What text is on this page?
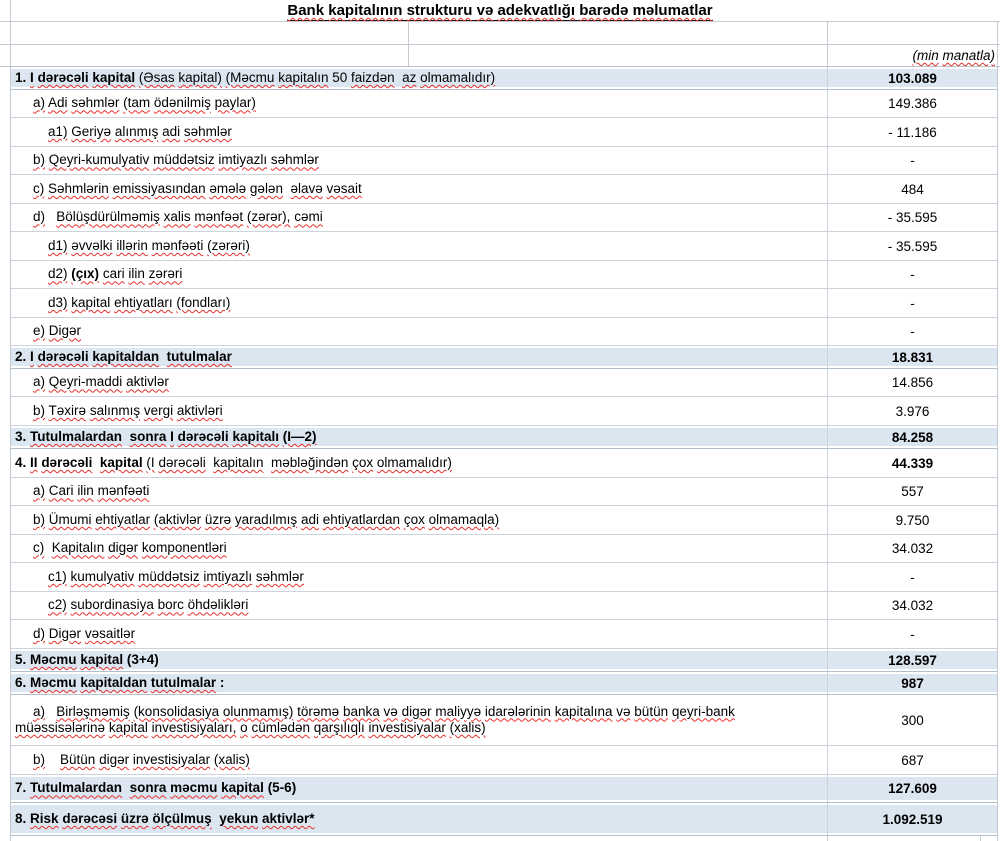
Bank kapitalının strukturu və adekvatlığı barədə məlumatlar
(min manatla)
1. I dərəcəli kapital (Əsas kapital) (Məcmu kapitalın 50 faizdən az olmamalıdır)	103.089
a) Adi səhmlər (tam ödənilmiş paylar)	149.386
a1) Geriyə alınmış adi səhmlər	- 11.186
b) Qeyri-kumulyativ müddətsiz imtiyazlı səhmlər	-
c) Səhmlərin emissiyasından əmələ gələn əlavə vəsait	484
d) Bölüşdürülməmiş xalis mənfəət (zərər), cəmi	- 35.595
d1) əvvəlki illərin mənfəəti (zərəri)	- 35.595
d2) (çıx) cari ilin zərəri	-
d3) kapital ehtiyatları (fondları)	-
e) Digər	-
2. I dərəcəli kapitaldan tutulmalar	18.831
a) Qeyri-maddi aktivlər	14.856
b) Təxirə salınmış vergi aktivləri	3.976
3. Tutulmalardan sonra I dərəcəli kapitalı (I—2)	84.258
4. II dərəcəli kapital (I dərəcəli kapitalın məbləğindən çox olmamalıdır)	44.339
a) Cari ilin mənfəəti	557
b) Ümumi ehtiyatlar (aktivlər üzrə yaradılmış adi ehtiyatlardan çox olmamaqla)	9.750
c) Kapitalın digər komponentləri	34.032
c1) kumulyativ müddətsiz imtiyazlı səhmlər	-
c2) subordinasiya borc öhdəlikləri	34.032
d) Digər vəsaitlər	-
5. Məcmu kapital (3+4)	128.597
6. Məcmu kapitaldan tutulmalar :	987
a) Birləşməmiş (konsolidasiya olunmamış) törəmə banka və digər maliyyə idarələrinin kapitalına və bütün qeyri-bank müəssisələrinə kapital investisiyaları, o cümlədən qarşılıqlı investisiyalar (xalis)	300
b) Bütün digər investisiyalar (xalis)	687
7. Tutulmalardan sonra məcmu kapital (5-6)	127.609
8. Risk dərəcəsi üzrə ölçülmuş yekun aktivlər*	1.092.519
